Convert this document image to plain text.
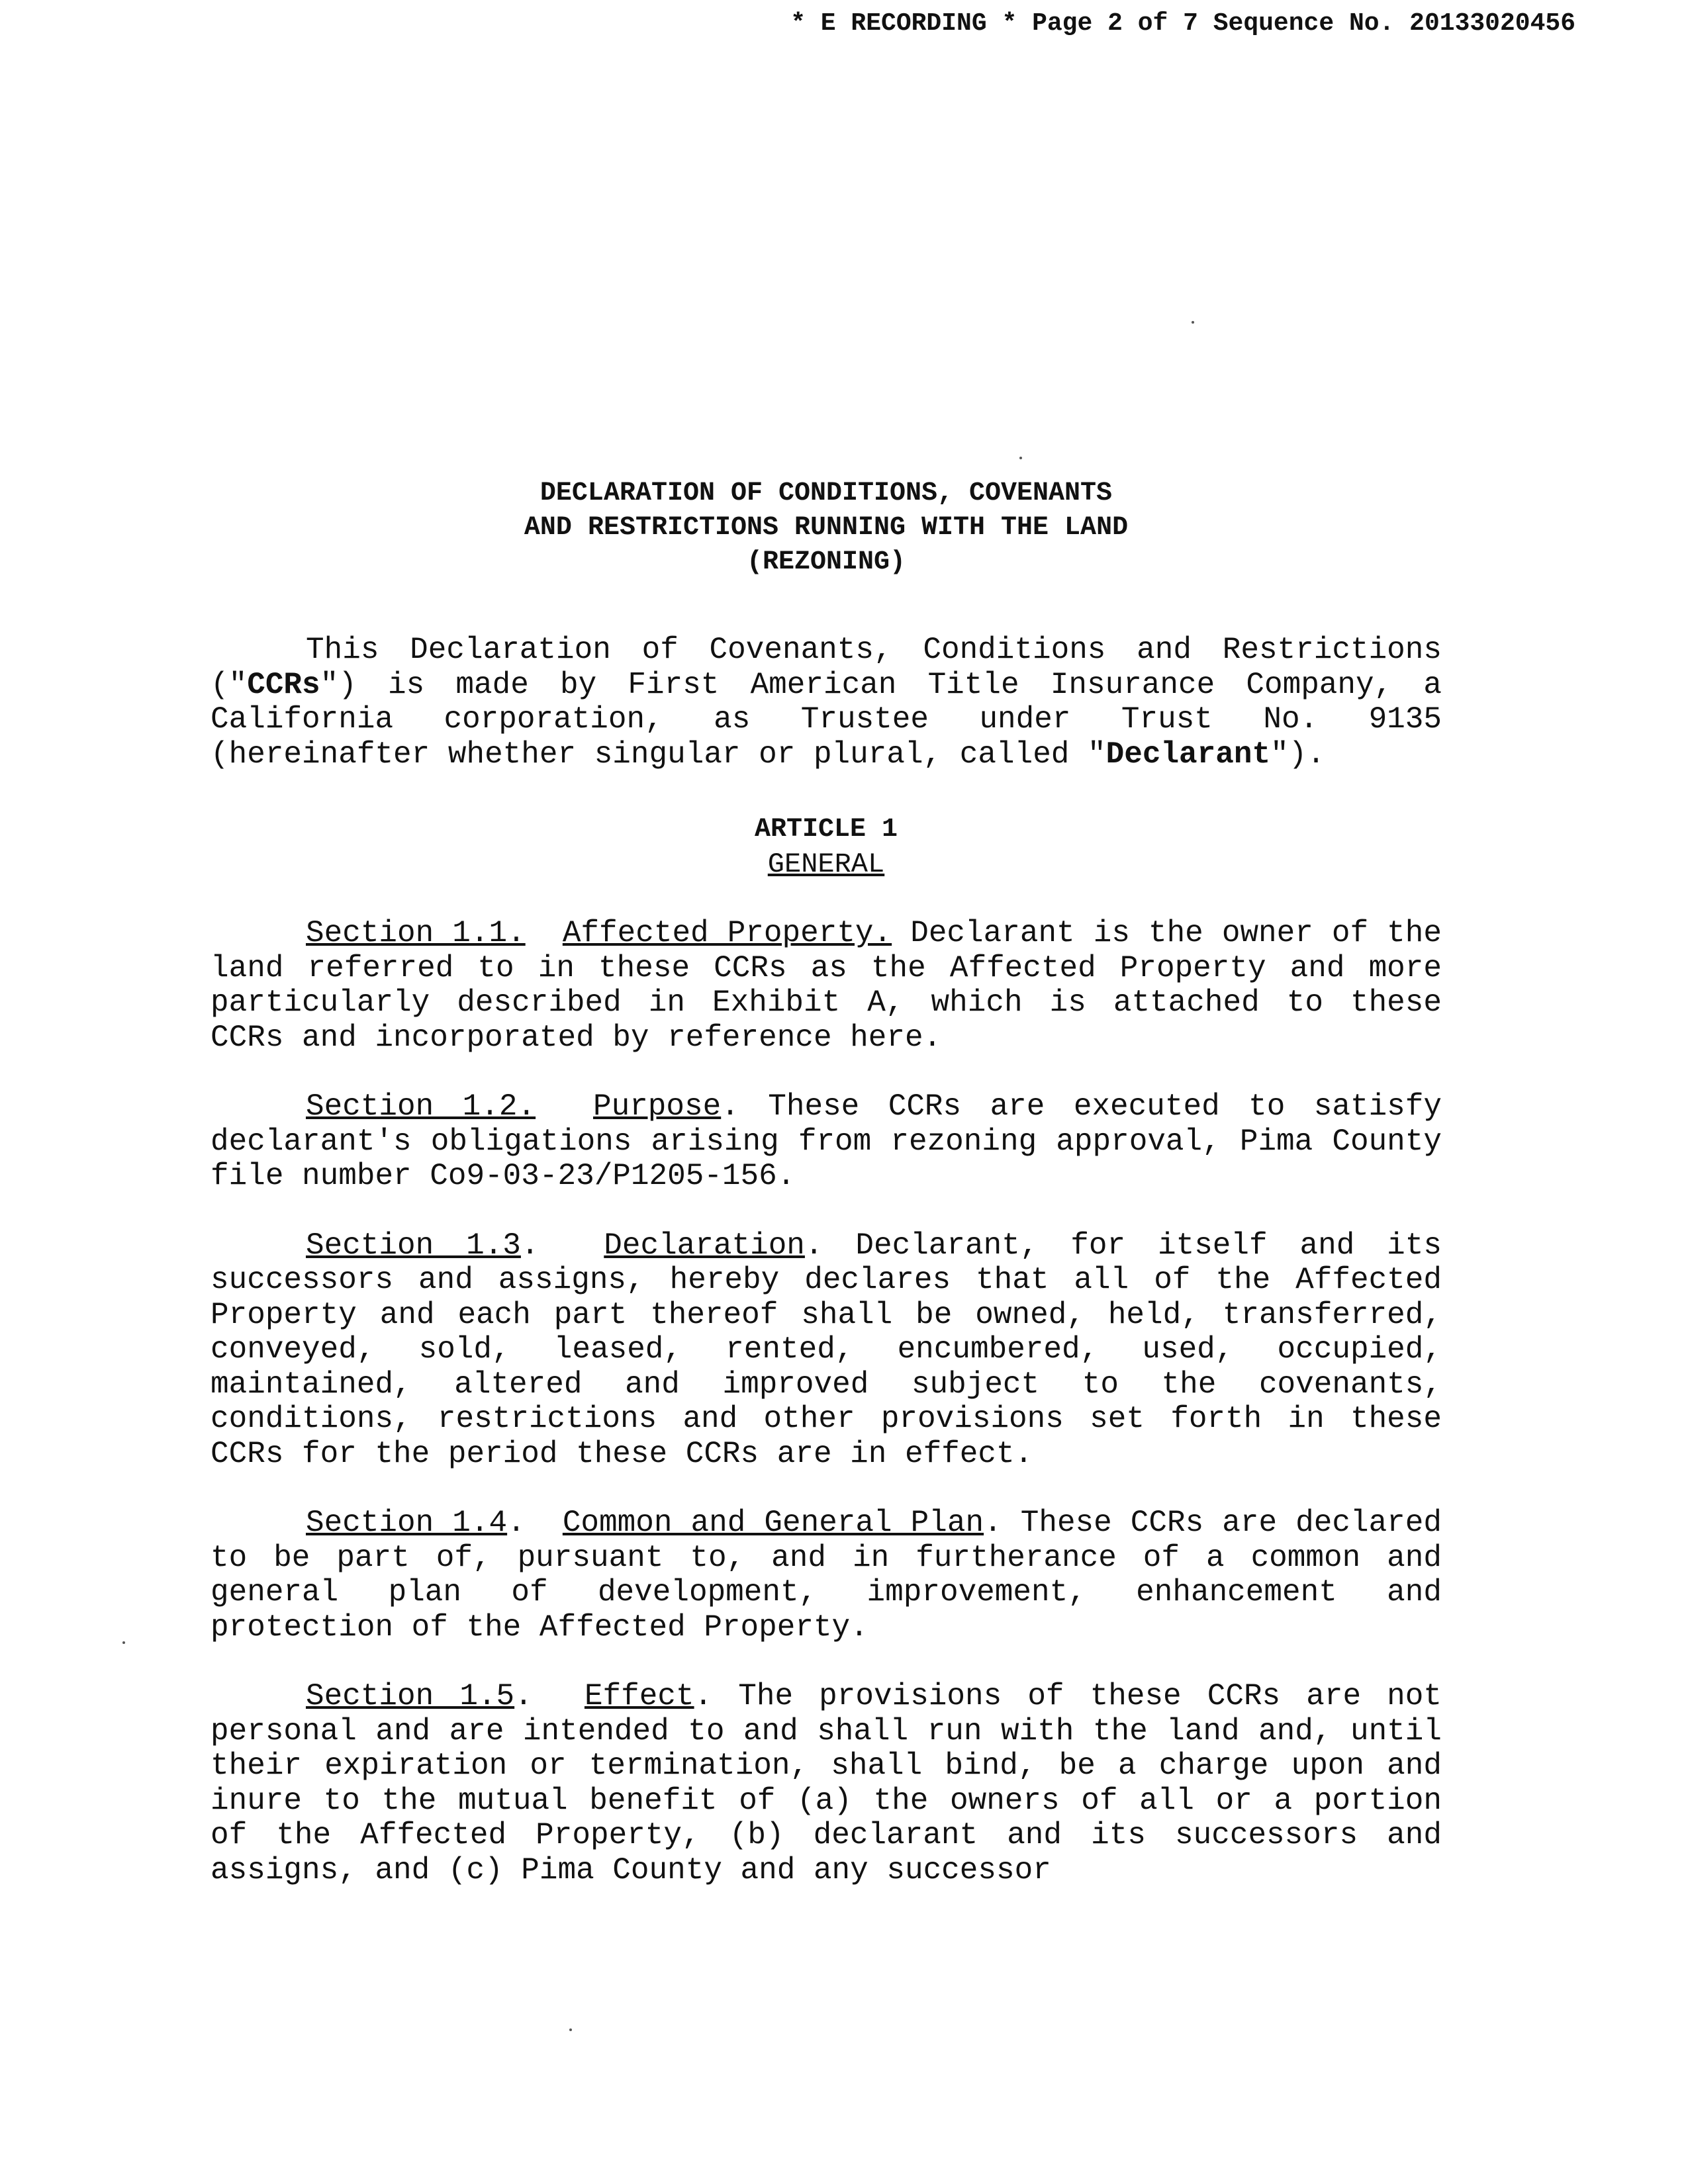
* E RECORDING * Page 2 of 7 Sequence No. 20133020456
DECLARATION OF CONDITIONS, COVENANTS
AND RESTRICTIONS RUNNING WITH THE LAND
(REZONING)

This Declaration of Covenants, Conditions and Restrictions ("CCRs") is made by First American Title Insurance Company, a California corporation, as Trustee under Trust No. 9135 (hereinafter whether singular or plural, called "Declarant").

ARTICLE 1
GENERAL

Section 1.1. Affected Property. Declarant is the owner of the land referred to in these CCRs as the Affected Property and more particularly described in Exhibit A, which is attached to these CCRs and incorporated by reference here.

Section 1.2. Purpose. These CCRs are executed to satisfy declarant's obligations arising from rezoning approval, Pima County file number Co9-03-23/P1205-156.

Section 1.3.  Declaration. Declarant, for itself and its successors and assigns, hereby declares that all of the Affected Property and each part thereof shall be owned, held, transferred, conveyed, sold, leased, rented, encumbered, used, occupied, maintained, altered and improved subject to the covenants, conditions, restrictions and other provisions set forth in these CCRs for the period these CCRs are in effect.

Section 1.4.  Common and General Plan. These CCRs are declared to be part of, pursuant to, and in furtherance of a common and general plan of development, improvement, enhancement and protection of the Affected Property.

Section 1.5.  Effect. The provisions of these CCRs are not personal and are intended to and shall run with the land and, until their expiration or termination, shall bind, be a charge upon and inure to the mutual benefit of (a) the owners of all or a portion of the Affected Property, (b) declarant and its successors and assigns, and (c) Pima County and any successor
